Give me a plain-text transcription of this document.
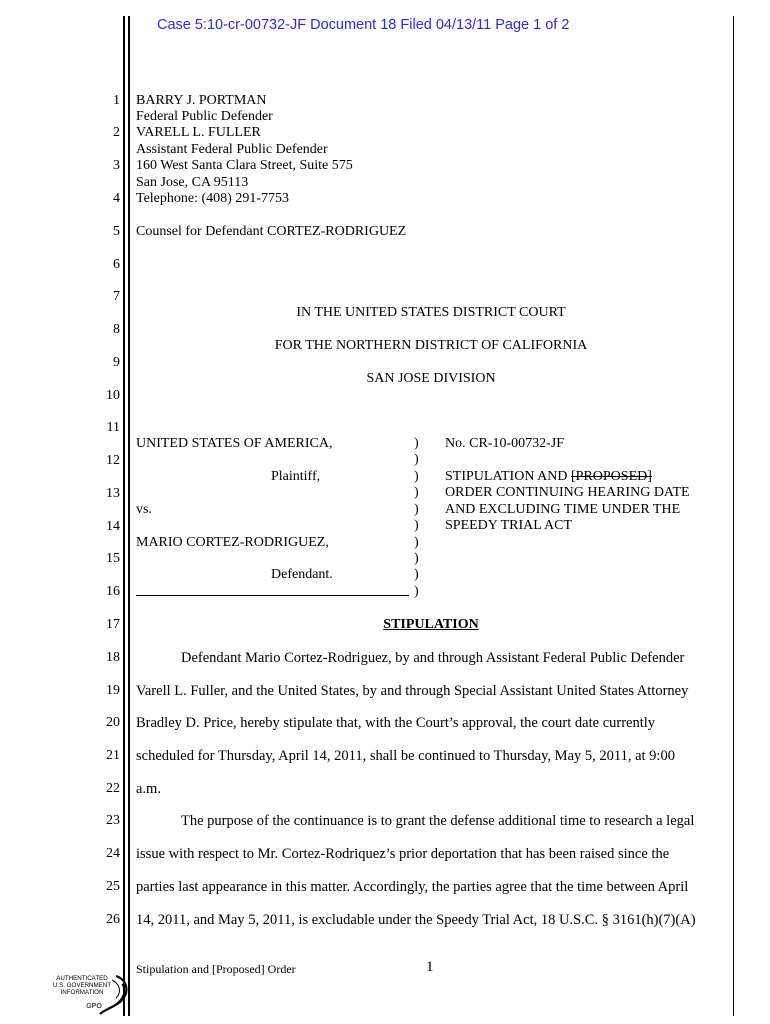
Case 5:10-cr-00732-JF Document 18 Filed 04/13/11 Page 1 of 2
1
2
3
4
5
6
7
8
9
10
11
12
13
14
15
16
17
18
19
20
21
22
23
24
25
26
BARRY J. PORTMAN
Federal Public Defender
VARELL L. FULLER
Assistant Federal Public Defender
160 West Santa Clara Street, Suite 575
San Jose, CA 95113
Telephone: (408) 291-7753
Counsel for Defendant CORTEZ-RODRIGUEZ
IN THE UNITED STATES DISTRICT COURT
FOR THE NORTHERN DISTRICT OF CALIFORNIA
SAN JOSE DIVISION
UNITED STATES OF AMERICA,
Plaintiff,
vs.
MARIO CORTEZ-RODRIGUEZ,
Defendant.
)
)
)
)
)
)
)
)
)
)
No. CR-10-00732-JF
STIPULATION AND [PROPOSED]
ORDER CONTINUING HEARING DATE
AND EXCLUDING TIME UNDER THE
SPEEDY TRIAL ACT
STIPULATION
Defendant Mario Cortez-Rodriguez, by and through Assistant Federal Public Defender
Varell L. Fuller, and the United States, by and through Special Assistant United States Attorney
Bradley D. Price, hereby stipulate that, with the Court’s approval, the court date currently
scheduled for Thursday, April 14, 2011, shall be continued to Thursday, May 5, 2011, at 9:00
a.m.
The purpose of the continuance is to grant the defense additional time to research a legal
issue with respect to Mr. Cortez-Rodriquez’s prior deportation that has been raised since the
parties last appearance in this matter. Accordingly, the parties agree that the time between April
14, 2011, and May 5, 2011, is excludable under the Speedy Trial Act, 18 U.S.C. § 3161(h)(7)(A)
Stipulation and [Proposed] Order	1
AUTHENTICATED
U.S. GOVERNMENT
INFORMATION
GPO
